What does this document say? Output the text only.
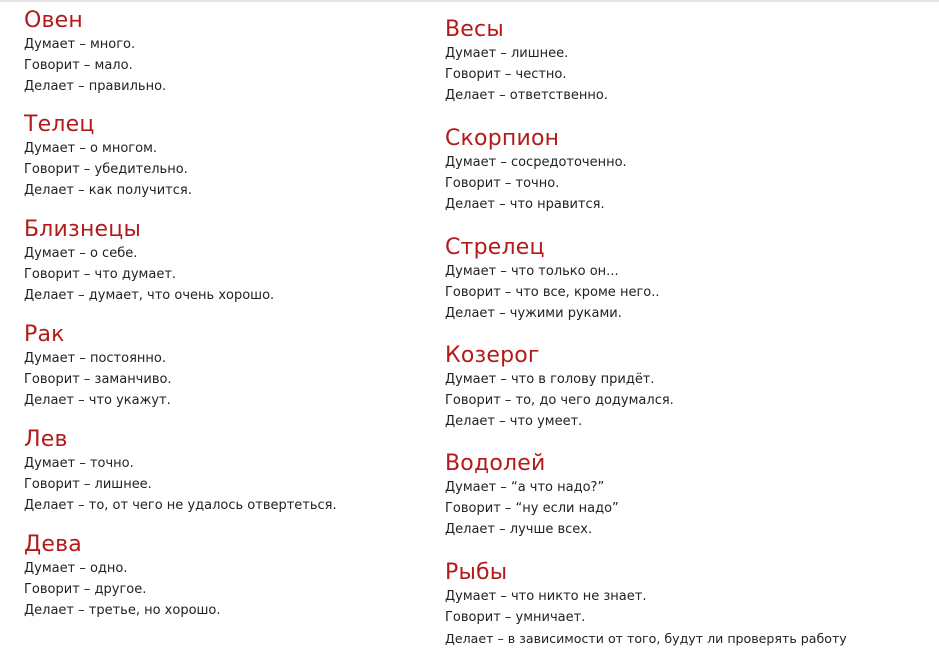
Овен
Думает – много.
Говорит – мало.
Делает – правильно.
Телец
Думает – о многом.
Говорит – убедительно.
Делает – как получится.
Близнецы
Думает – о себе.
Говорит – что думает.
Делает – думает, что очень хорошо.
Рак
Думает – постоянно.
Говорит – заманчиво.
Делает – что укажут.
Лев
Думает – точно.
Говорит – лишнее.
Делает – то, от чего не удалось отвертеться.
Дева
Думает – одно.
Говорит – другое.
Делает – третье, но хорошо.
Весы
Думает – лишнее.
Говорит – честно.
Делает – ответственно.
Скорпион
Думает – сосредоточенно.
Говорит – точно.
Делает – что нравится.
Стрелец
Думает – что только он...
Говорит – что все, кроме него..
Делает – чужими руками.
Козерог
Думает – что в голову придёт.
Говорит – то, до чего додумался.
Делает – что умеет.
Водолей
Думает – “а что надо?”
Говорит – “ну если надо”
Делает – лучше всех.
Рыбы
Думает – что никто не знает.
Говорит – умничает.
Делает – в зависимости от того, будут ли проверять работу
